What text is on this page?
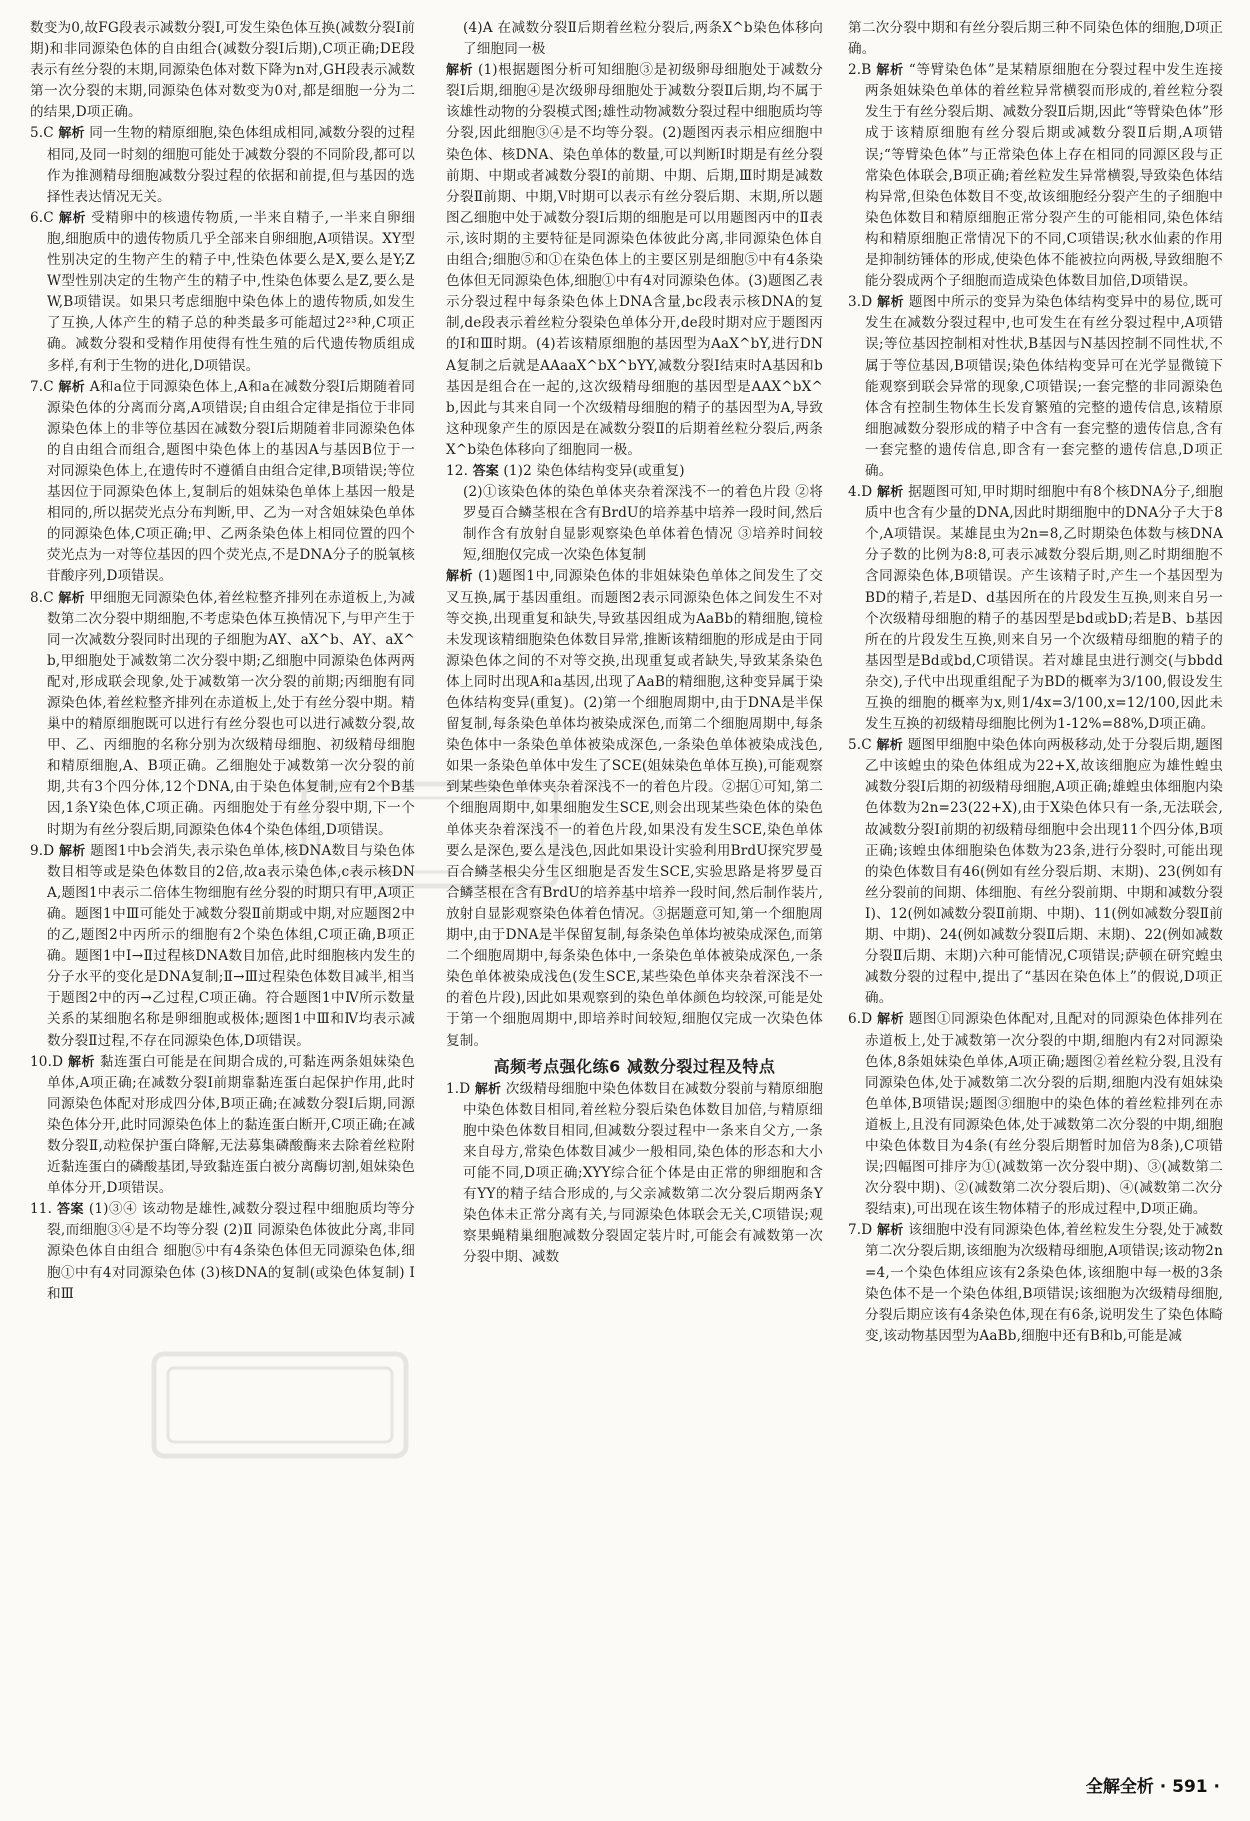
数变为0,故FG段表示减数分裂Ⅰ,可发生染色体互换(减数分裂Ⅰ前期)和非同源染色体的自由组合(减数分裂Ⅰ后期),C项正确;DE段表示有丝分裂的末期,同源染色体对数下降为n对,GH段表示减数第一次分裂的末期,同源染色体对数变为0对,都是细胞一分为二的结果,D项正确。

5.C 解析 同一生物的精原细胞,染色体组成相同,减数分裂的过程相同,及同一时刻的细胞可能处于减数分裂的不同阶段,都可以作为推测精母细胞减数分裂过程的依据和前提,但与基因的选择性表达情况无关。

6.C 解析 受精卵中的核遗传物质,一半来自精子,一半来自卵细胞,细胞质中的遗传物质几乎全部来自卵细胞,A项错误。XY型性别决定的生物产生的精子中,性染色体要么是X,要么是Y;ZW型性别决定的生物产生的精子中,性染色体要么是Z,要么是W,B项错误。如果只考虑细胞中染色体上的遗传物质,如发生了互换,人体产生的精子总的种类最多可能超过2²³种,C项正确。减数分裂和受精作用使得有性生殖的后代遗传物质组成多样,有利于生物的进化,D项错误。

7.C 解析 A和a位于同源染色体上,A和a在减数分裂Ⅰ后期随着同源染色体的分离而分离,A项错误;自由组合定律是指位于非同源染色体上的非等位基因在减数分裂Ⅰ后期随着非同源染色体的自由组合而组合,题图中染色体上的基因A与基因B位于一对同源染色体上,在遗传时不遵循自由组合定律,B项错误;等位基因位于同源染色体上,复制后的姐妹染色单体上基因一般是相同的,所以据荧光点分布判断,甲、乙为一对含姐妹染色单体的同源染色体,C项正确;甲、乙两条染色体上相同位置的四个荧光点为一对等位基因的四个荧光点,不是DNA分子的脱氧核苷酸序列,D项错误。

8.C 解析 甲细胞无同源染色体,着丝粒整齐排列在赤道板上,为减数第二次分裂中期细胞,不考虑染色体互换情况下,与甲产生于同一次减数分裂同时出现的子细胞为AY、aX^b、AY、aX^b,甲细胞处于减数第二次分裂中期;乙细胞中同源染色体两两配对,形成联会现象,处于减数第一次分裂的前期;丙细胞有同源染色体,着丝粒整齐排列在赤道板上,处于有丝分裂中期。精巢中的精原细胞既可以进行有丝分裂也可以进行减数分裂,故甲、乙、丙细胞的名称分别为次级精母细胞、初级精母细胞和精原细胞,A、B项正确。乙细胞处于减数第一次分裂的前期,共有3个四分体,12个DNA,由于染色体复制,应有2个B基因,1条Y染色体,C项正确。丙细胞处于有丝分裂中期,下一个时期为有丝分裂后期,同源染色体4个染色体组,D项错误。

9.D 解析 题图1中b会消失,表示染色单体,核DNA数目与染色体数目相等或是染色体数目的2倍,故a表示染色体,c表示核DNA,题图1中表示二倍体生物细胞有丝分裂的时期只有甲,A项正确。题图1中Ⅲ可能处于减数分裂Ⅱ前期或中期,对应题图2中的乙,题图2中丙所示的细胞有2个染色体组,C项正确,B项正确。题图1中Ⅰ→Ⅱ过程核DNA数目加倍,此时细胞核内发生的分子水平的变化是DNA复制;Ⅱ→Ⅲ过程染色体数目减半,相当于题图2中的丙→乙过程,C项正确。符合题图1中Ⅳ所示数量关系的某细胞名称是卵细胞或极体;题图1中Ⅲ和Ⅳ均表示减数分裂Ⅱ过程,不存在同源染色体,D项错误。

10.D 解析 黏连蛋白可能是在间期合成的,可黏连两条姐妹染色单体,A项正确;在减数分裂Ⅰ前期靠黏连蛋白起保护作用,此时同源染色体配对形成四分体,B项正确;在减数分裂Ⅰ后期,同源染色体分开,此时同源染色体上的黏连蛋白断开,C项正确;在减数分裂Ⅱ,动粒保护蛋白降解,无法募集磷酸酶来去除着丝粒附近黏连蛋白的磷酸基团,导致黏连蛋白被分离酶切割,姐妹染色单体分开,D项错误。

11. 答案 (1)③④ 该动物是雄性,减数分裂过程中细胞质均等分裂,而细胞③④是不均等分裂 (2)Ⅱ 同源染色体彼此分离,非同源染色体自由组合 细胞⑤中有4条染色体但无同源染色体,细胞①中有4对同源染色体 (3)核DNA的复制(或染色体复制) Ⅰ和Ⅲ

(4)A 在减数分裂Ⅱ后期着丝粒分裂后,两条X^b染色体移向了细胞同一极

解析 (1)根据题图分析可知细胞③是初级卵母细胞处于减数分裂Ⅰ后期,细胞④是次级卵母细胞处于减数分裂Ⅱ后期,均不属于该雄性动物的分裂模式图;雄性动物减数分裂过程中细胞质均等分裂,因此细胞③④是不均等分裂。(2)题图丙表示相应细胞中染色体、核DNA、染色单体的数量,可以判断Ⅰ时期是有丝分裂前期、中期或者减数分裂Ⅰ的前期、中期、后期,Ⅲ时期是减数分裂Ⅱ前期、中期,Ⅴ时期可以表示有丝分裂后期、末期,所以题图乙细胞中处于减数分裂Ⅰ后期的细胞是可以用题图丙中的Ⅱ表示,该时期的主要特征是同源染色体彼此分离,非同源染色体自由组合;细胞⑤和①在染色体上的主要区别是细胞⑤中有4条染色体但无同源染色体,细胞①中有4对同源染色体。(3)题图乙表示分裂过程中每条染色体上DNA含量,bc段表示核DNA的复制,de段表示着丝粒分裂染色单体分开,de段时期对应于题图丙的Ⅰ和Ⅲ时期。(4)若该精原细胞的基因型为AaX^bY,进行DNA复制之后就是AAaaX^bX^bYY,减数分裂Ⅰ结束时A基因和b基因是组合在一起的,这次级精母细胞的基因型是AAX^bX^b,因此与其来自同一个次级精母细胞的精子的基因型为A,导致这种现象产生的原因是在减数分裂Ⅱ的后期着丝粒分裂后,两条X^b染色体移向了细胞同一极。

12. 答案 (1)2 染色体结构变异(或重复)

(2)①该染色体的染色单体夹杂着深浅不一的着色片段 ②将罗曼百合鳞茎根在含有BrdU的培养基中培养一段时间,然后制作含有放射自显影观察染色单体着色情况 ③培养时间较短,细胞仅完成一次染色体复制

解析 (1)题图1中,同源染色体的非姐妹染色单体之间发生了交叉互换,属于基因重组。而题图2表示同源染色体之间发生不对等交换,出现重复和缺失,导致基因组成为AaBb的精细胞,镜检未发现该精细胞染色体数目异常,推断该精细胞的形成是由于同源染色体之间的不对等交换,出现重复或者缺失,导致某条染色体上同时出现A和a基因,出现了AaB的精细胞,这种变异属于染色体结构变异(重复)。(2)第一个细胞周期中,由于DNA是半保留复制,每条染色单体均被染成深色,而第二个细胞周期中,每条染色体中一条染色单体被染成深色,一条染色单体被染成浅色,如果一条染色单体中发生了SCE(姐妹染色单体互换),可能观察到某些染色单体夹杂着深浅不一的着色片段。②据①可知,第二个细胞周期中,如果细胞发生SCE,则会出现某些染色体的染色单体夹杂着深浅不一的着色片段,如果没有发生SCE,染色单体要么是深色,要么是浅色,因此如果设计实验利用BrdU探究罗曼百合鳞茎根尖分生区细胞是否发生SCE,实验思路是将罗曼百合鳞茎根在含有BrdU的培养基中培养一段时间,然后制作装片,放射自显影观察染色体着色情况。③据题意可知,第一个细胞周期中,由于DNA是半保留复制,每条染色单体均被染成深色,而第二个细胞周期中,每条染色体中,一条染色单体被染成深色,一条染色单体被染成浅色(发生SCE,某些染色单体夹杂着深浅不一的着色片段),因此如果观察到的染色单体颜色均较深,可能是处于第一个细胞周期中,即培养时间较短,细胞仅完成一次染色体复制。

高频考点强化练6 减数分裂过程及特点

1.D 解析 次级精母细胞中染色体数目在减数分裂前与精原细胞中染色体数目相同,着丝粒分裂后染色体数目加倍,与精原细胞中染色体数目相同,但减数分裂过程中一条来自父方,一条来自母方,常染色体数目减少一般相同,染色体的形态和大小可能不同,D项正确;XYY综合征个体是由正常的卵细胞和含有YY的精子结合形成的,与父亲减数第二次分裂后期两条Y染色体未正常分离有关,与同源染色体联会无关,C项错误;观察果蝇精巢细胞减数分裂固定装片时,可能会有减数第一次分裂中期、减数

第二次分裂中期和有丝分裂后期三种不同染色体的细胞,D项正确。

2.B 解析 “等臂染色体”是某精原细胞在分裂过程中发生连接两条姐妹染色单体的着丝粒异常横裂而形成的,着丝粒分裂发生于有丝分裂后期、减数分裂Ⅱ后期,因此“等臂染色体”形成于该精原细胞有丝分裂后期或减数分裂Ⅱ后期,A项错误;“等臂染色体”与正常染色体上存在相同的同源区段与正常染色体联会,B项正确;着丝粒发生异常横裂,导致染色体结构异常,但染色体数目不变,故该细胞经分裂产生的子细胞中染色体数目和精原细胞正常分裂产生的可能相同,染色体结构和精原细胞正常情况下的不同,C项错误;秋水仙素的作用是抑制纺锤体的形成,使染色体不能被拉向两极,导致细胞不能分裂成两个子细胞而造成染色体数目加倍,D项错误。

3.D 解析 题图中所示的变异为染色体结构变异中的易位,既可发生在减数分裂过程中,也可发生在有丝分裂过程中,A项错误;等位基因控制相对性状,B基因与N基因控制不同性状,不属于等位基因,B项错误;染色体结构变异可在光学显微镜下能观察到联会异常的现象,C项错误;一套完整的非同源染色体含有控制生物体生长发育繁殖的完整的遗传信息,该精原细胞减数分裂形成的精子中含有一套完整的遗传信息,含有一套完整的遗传信息,即含有一套完整的遗传信息,D项正确。

4.D 解析 据题图可知,甲时期时细胞中有8个核DNA分子,细胞质中也含有少量的DNA,因此时期细胞中的DNA分子大于8个,A项错误。某雄昆虫为2n=8,乙时期染色体数与核DNA分子数的比例为8:8,可表示减数分裂后期,则乙时期细胞不含同源染色体,B项错误。产生该精子时,产生一个基因型为BD的精子,若是D、d基因所在的片段发生互换,则来自另一个次级精母细胞的精子的基因型是bd或bD;若是B、b基因所在的片段发生互换,则来自另一个次级精母细胞的精子的基因型是Bd或bd,C项错误。若对雄昆虫进行测交(与bbdd杂交),子代中出现重组配子为BD的概率为3/100,假设发生互换的细胞的概率为x,则1/4x=3/100,x=12/100,因此未发生互换的初级精母细胞比例为1-12%=88%,D项正确。

5.C 解析 题图甲细胞中染色体向两极移动,处于分裂后期,题图乙中该蝗虫的染色体组成为22+X,故该细胞应为雄性蝗虫减数分裂Ⅰ后期的初级精母细胞,A项正确;雄蝗虫体细胞内染色体数为2n=23(22+X),由于X染色体只有一条,无法联会,故减数分裂Ⅰ前期的初级精母细胞中会出现11个四分体,B项正确;该蝗虫体细胞染色体数为23条,进行分裂时,可能出现的染色体数目有46(例如有丝分裂后期、末期)、23(例如有丝分裂前的间期、体细胞、有丝分裂前期、中期和减数分裂Ⅰ)、12(例如减数分裂Ⅱ前期、中期)、11(例如减数分裂Ⅱ前期、中期)、24(例如减数分裂Ⅱ后期、末期)、22(例如减数分裂Ⅱ后期、末期)六种可能情况,C项错误;萨顿在研究蝗虫减数分裂的过程中,提出了“基因在染色体上”的假说,D项正确。

6.D 解析 题图①同源染色体配对,且配对的同源染色体排列在赤道板上,处于减数第一次分裂的中期,细胞内有2对同源染色体,8条姐妹染色单体,A项正确;题图②着丝粒分裂,且没有同源染色体,处于减数第二次分裂的后期,细胞内没有姐妹染色单体,B项错误;题图③细胞中的染色体的着丝粒排列在赤道板上,且没有同源染色体,处于减数第二次分裂的中期,细胞中染色体数目为4条(有丝分裂后期暂时加倍为8条),C项错误;四幅图可排序为①(减数第一次分裂中期)、③(减数第二次分裂中期)、②(减数第二次分裂后期)、④(减数第二次分裂结束),可出现在该生物体精子的形成过程中,D项正确。

7.D 解析 该细胞中没有同源染色体,着丝粒发生分裂,处于减数第二次分裂后期,该细胞为次级精母细胞,A项错误;该动物2n=4,一个染色体组应该有2条染色体,该细胞中每一极的3条染色体不是一个染色体组,B项错误;该细胞为次级精母细胞,分裂后期应该有4条染色体,现在有6条,说明发生了染色体畸变,该动物基因型为AaBb,细胞中还有B和b,可能是减

全解全析 · 591 ·
